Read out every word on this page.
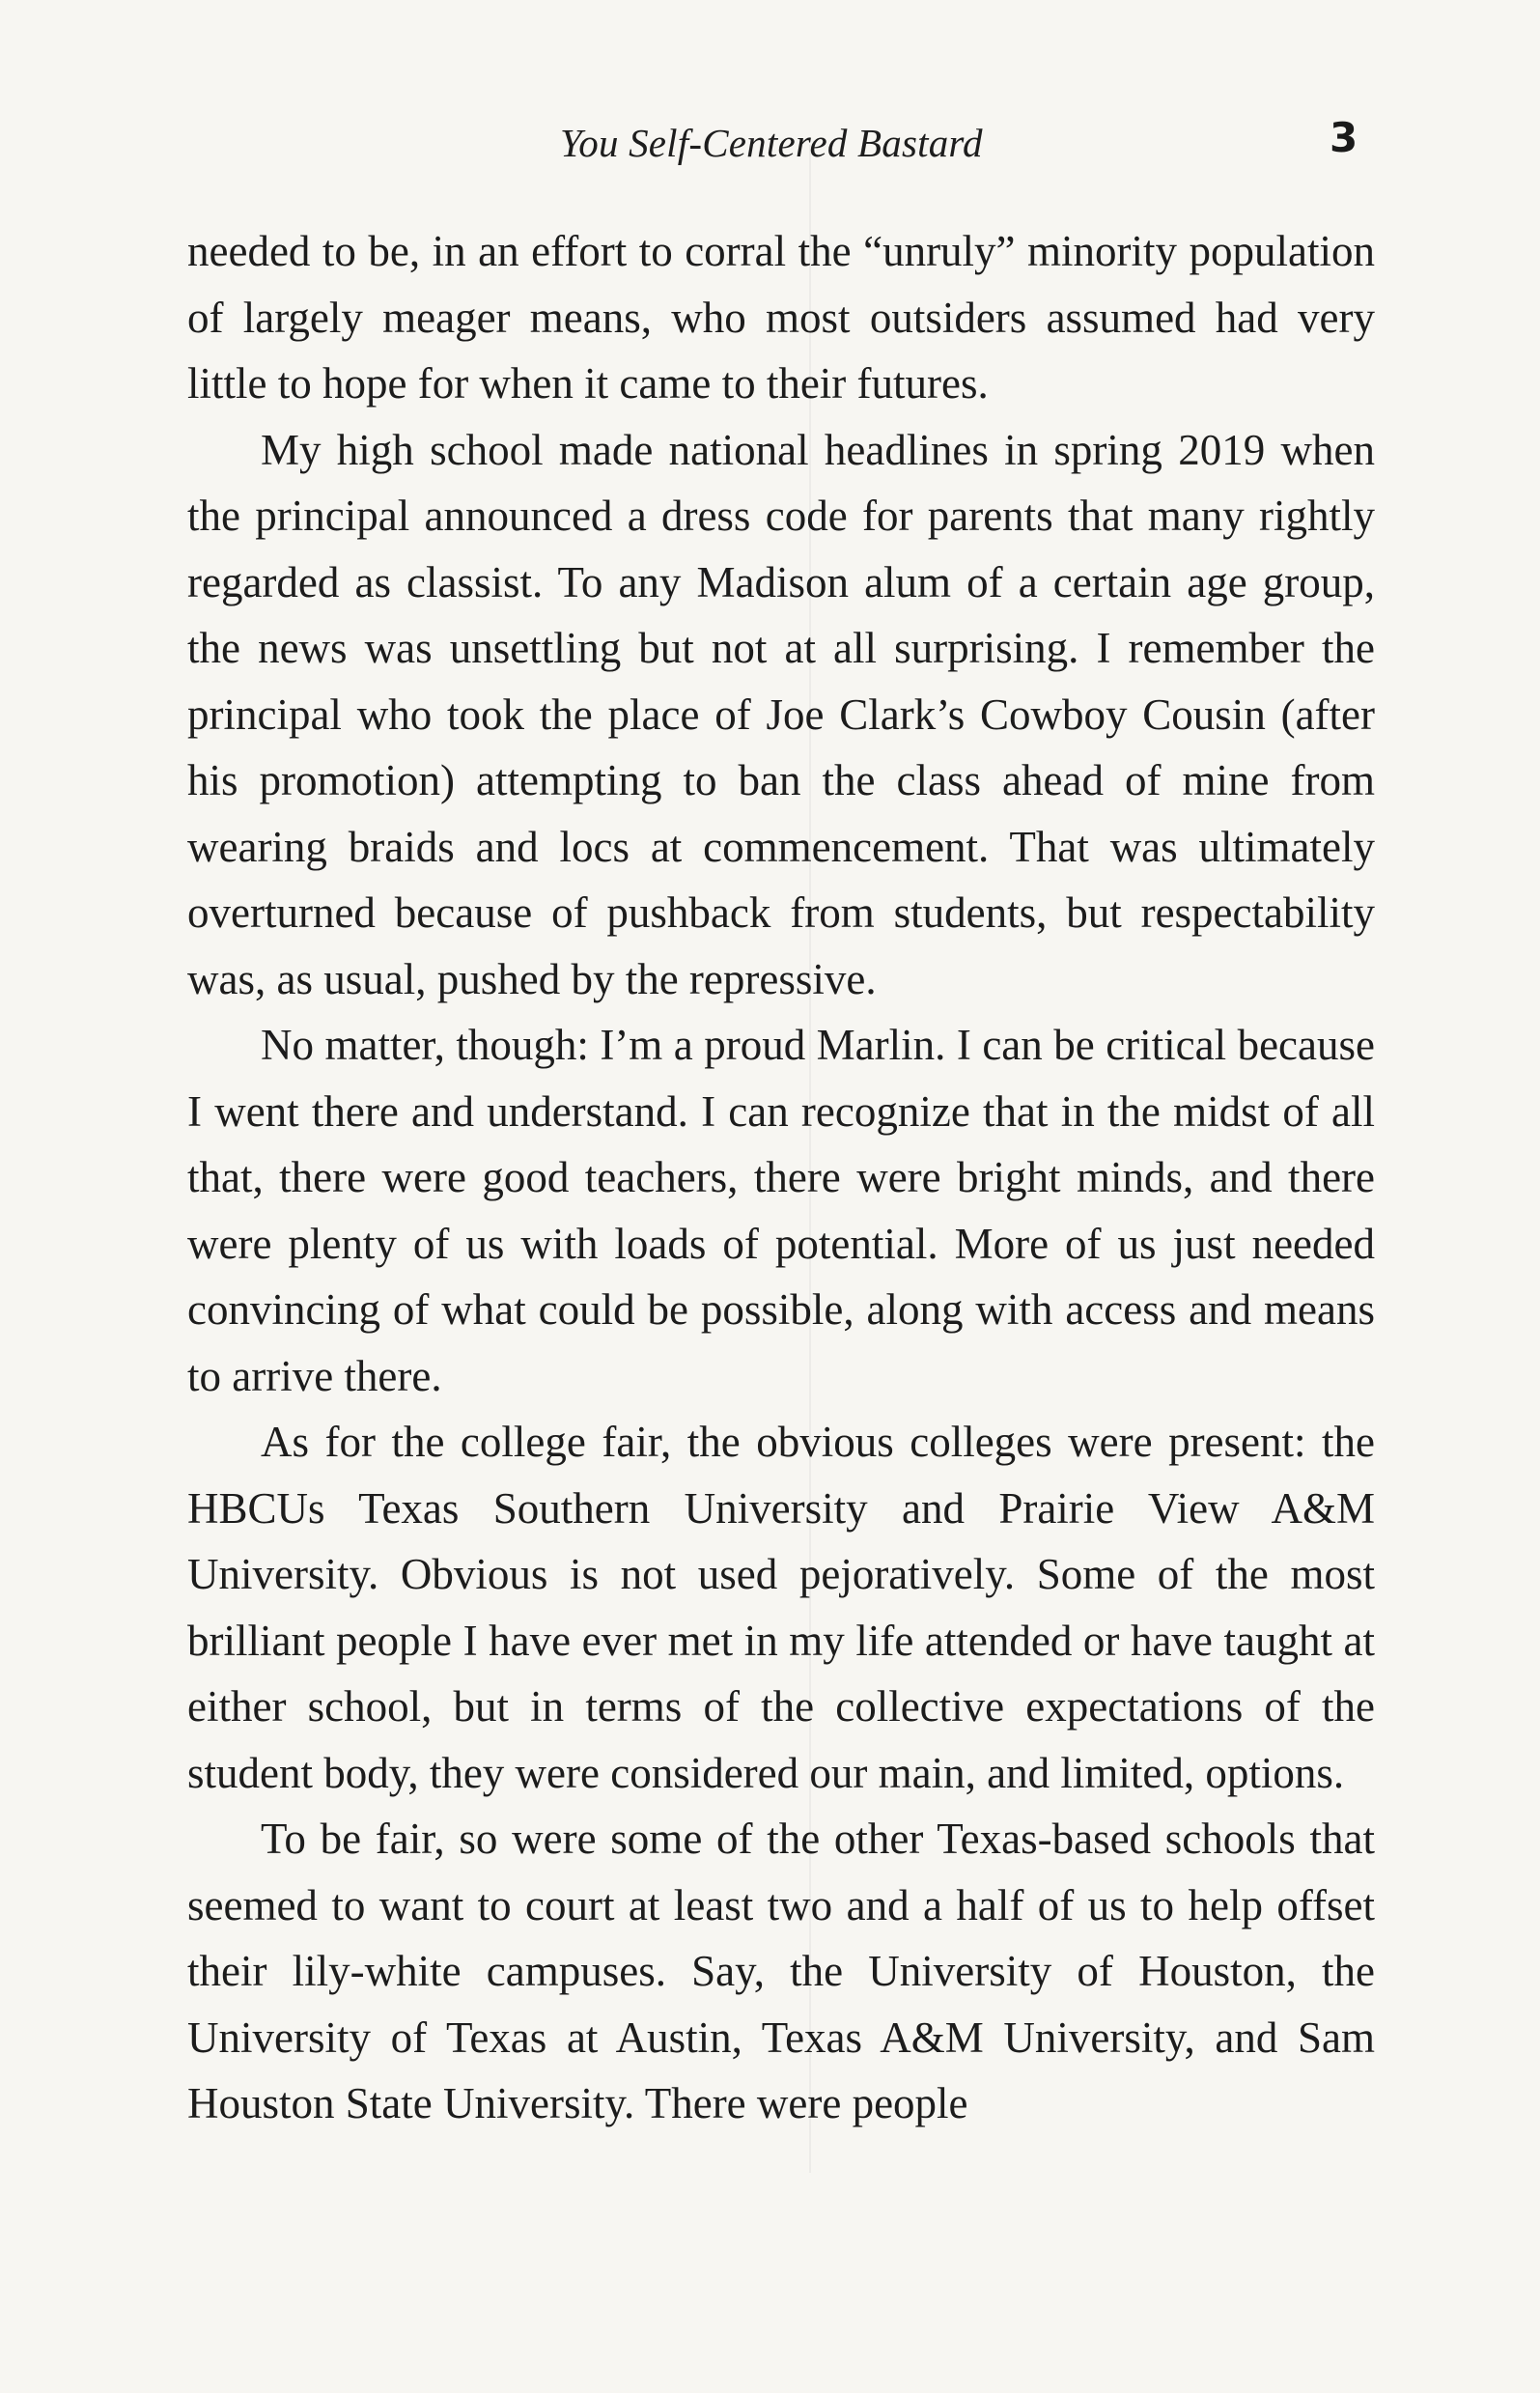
You Self-Centered Bastard	3

needed to be, in an effort to corral the “unruly” minority population of largely meager means, who most outsiders assumed had very little to hope for when it came to their futures.

My high school made national headlines in spring 2019 when the principal announced a dress code for parents that many rightly regarded as classist. To any Madison alum of a certain age group, the news was unsettling but not at all surprising. I remember the principal who took the place of Joe Clark’s Cowboy Cousin (after his promotion) attempting to ban the class ahead of mine from wearing braids and locs at commencement. That was ultimately overturned because of pushback from students, but respectability was, as usual, pushed by the repressive.

No matter, though: I’m a proud Marlin. I can be critical because I went there and understand. I can recognize that in the midst of all that, there were good teachers, there were bright minds, and there were plenty of us with loads of potential. More of us just needed convincing of what could be possible, along with access and means to arrive there.

As for the college fair, the obvious colleges were present: the HBCUs Texas Southern University and Prairie View A&M University. Obvious is not used pejoratively. Some of the most brilliant people I have ever met in my life attended or have taught at either school, but in terms of the collective expectations of the student body, they were considered our main, and limited, options.

To be fair, so were some of the other Texas-based schools that seemed to want to court at least two and a half of us to help offset their lily-white campuses. Say, the University of Houston, the University of Texas at Austin, Texas A&M University, and Sam Houston State University. There were people
